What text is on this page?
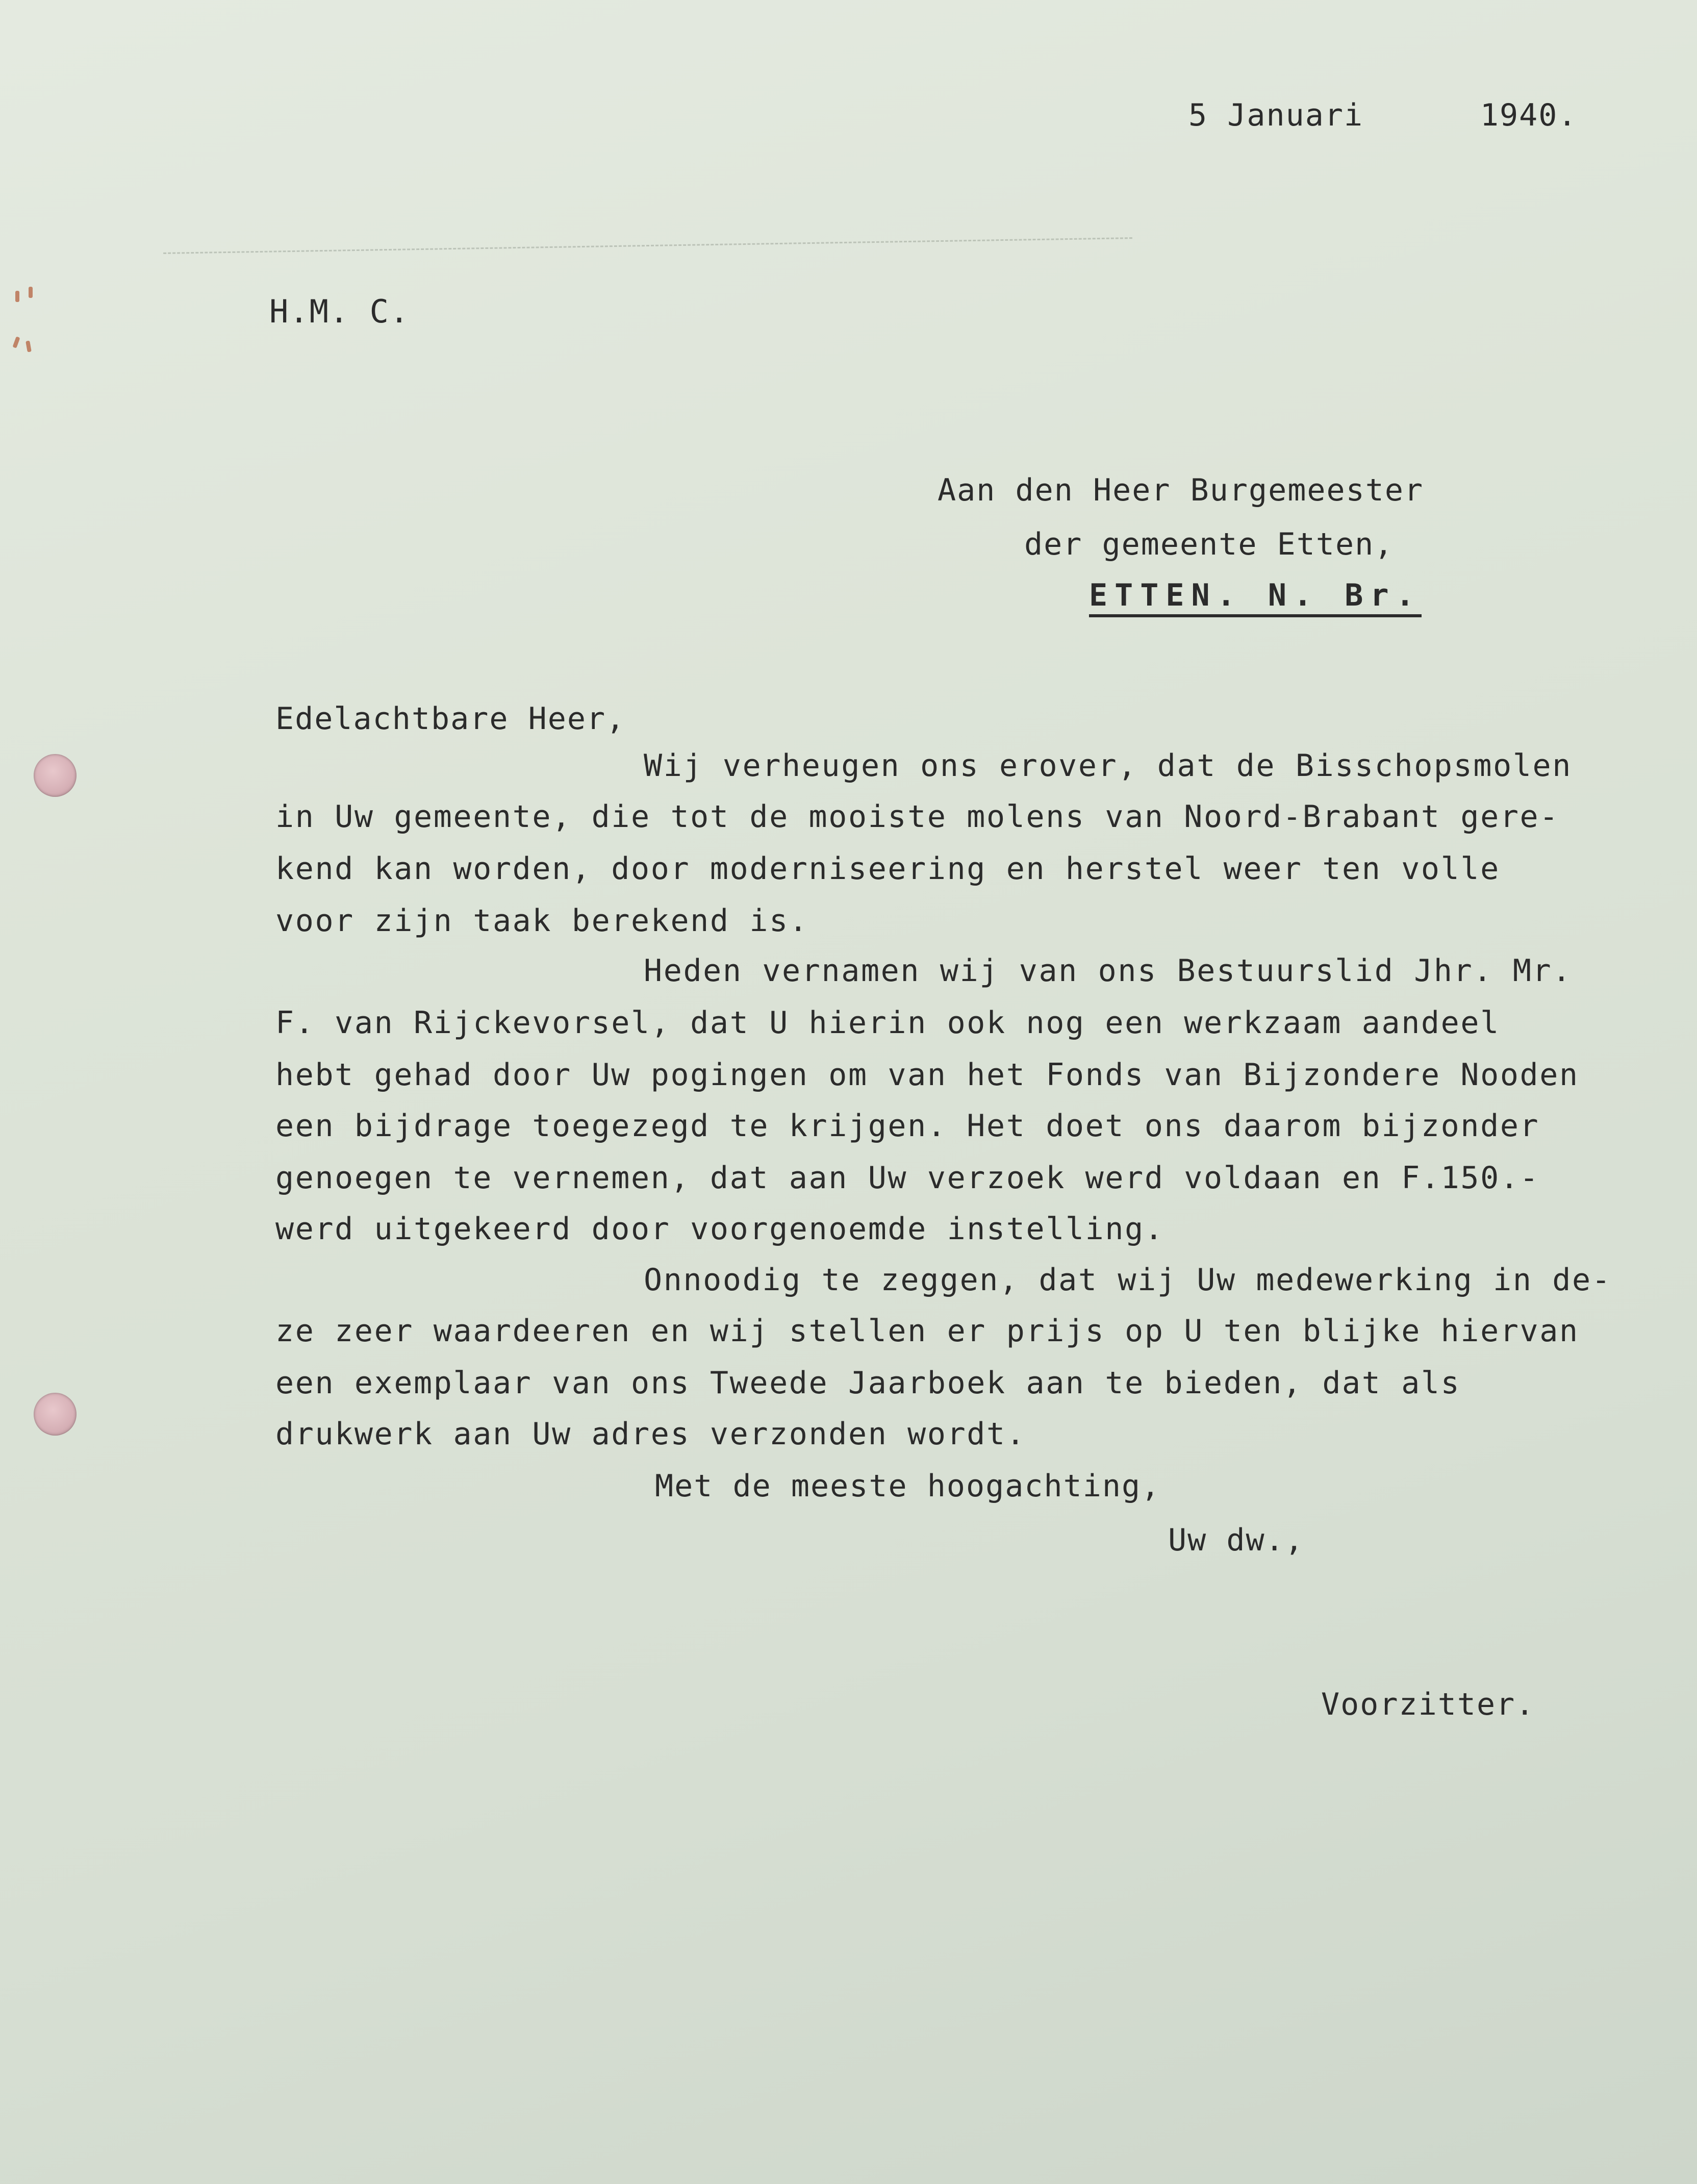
5 Januari      1940.
H.M. C.
Aan den Heer Burgemeester
der gemeente Etten,
ETTEN. N. Br.
Edelachtbare Heer,
Wij verheugen ons erover, dat de Bisschopsmolen
in Uw gemeente, die tot de mooiste molens van Noord-Brabant gere-
kend kan worden, door moderniseering en herstel weer ten volle
voor zijn taak berekend is.
Heden vernamen wij van ons Bestuurslid Jhr. Mr.
F. van Rijckevorsel, dat U hierin ook nog een werkzaam aandeel
hebt gehad door Uw pogingen om van het Fonds van Bijzondere Nooden
een bijdrage toegezegd te krijgen. Het doet ons daarom bijzonder
genoegen te vernemen, dat aan Uw verzoek werd voldaan en F.150.-
werd uitgekeerd door voorgenoemde instelling.
Onnoodig te zeggen, dat wij Uw medewerking in de-
ze zeer waardeeren en wij stellen er prijs op U ten blijke hiervan
een exemplaar van ons Tweede Jaarboek aan te bieden, dat als
drukwerk aan Uw adres verzonden wordt.
Met de meeste hoogachting,
Uw dw.,
Voorzitter.
